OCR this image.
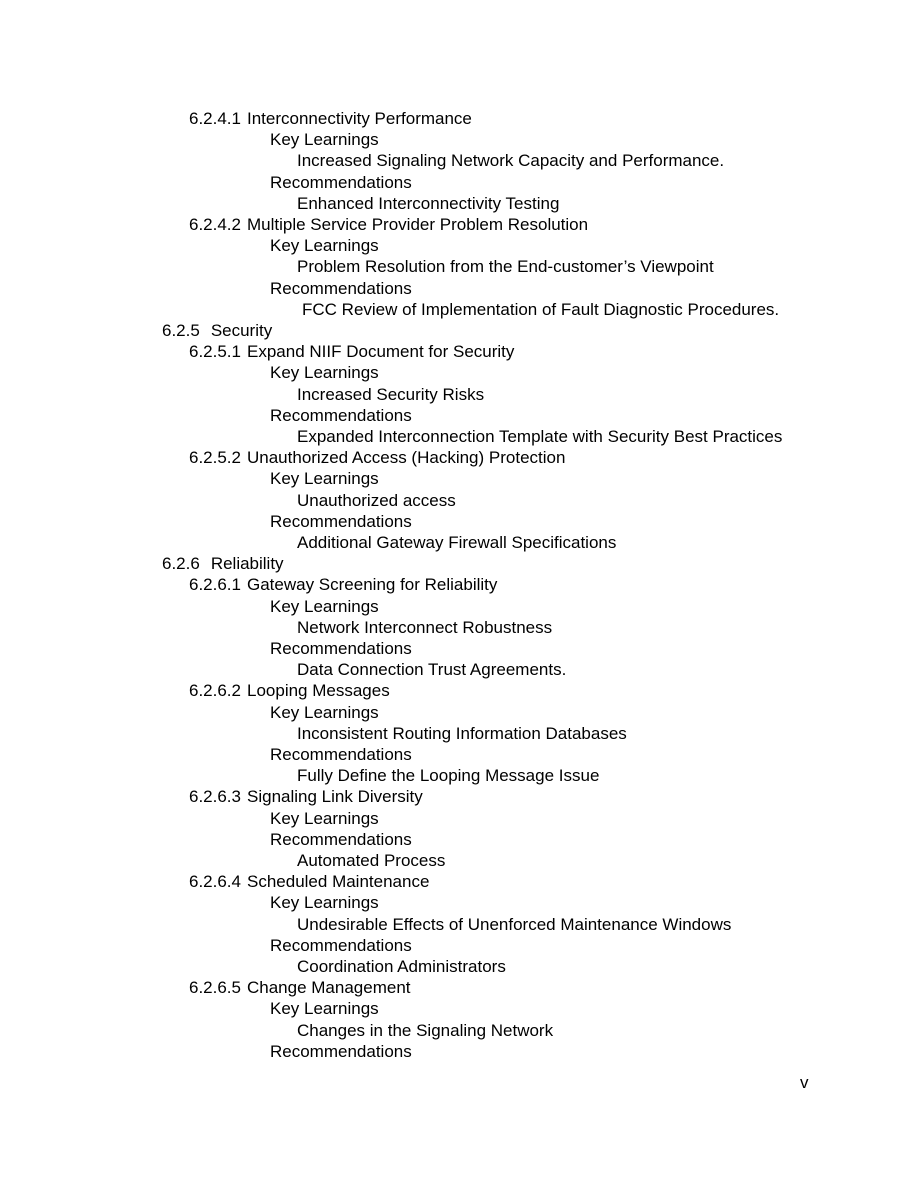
6.2.4.1 Interconnectivity Performance
Key Learnings
Increased Signaling Network Capacity and Performance.
Recommendations
Enhanced Interconnectivity Testing
6.2.4.2 Multiple Service Provider Problem Resolution
Key Learnings
Problem Resolution from the End-customer’s Viewpoint
Recommendations
FCC Review of Implementation of Fault Diagnostic Procedures.
6.2.5 Security
6.2.5.1 Expand NIIF Document for Security
Key Learnings
Increased Security Risks
Recommendations
Expanded Interconnection Template with Security Best Practices
6.2.5.2 Unauthorized Access (Hacking) Protection
Key Learnings
Unauthorized access
Recommendations
Additional Gateway Firewall Specifications
6.2.6 Reliability
6.2.6.1 Gateway Screening for Reliability
Key Learnings
Network Interconnect Robustness
Recommendations
Data Connection Trust Agreements.
6.2.6.2 Looping Messages
Key Learnings
Inconsistent Routing Information Databases
Recommendations
Fully Define the Looping Message Issue
6.2.6.3 Signaling Link Diversity
Key Learnings
Recommendations
Automated Process
6.2.6.4 Scheduled Maintenance
Key Learnings
Undesirable Effects of Unenforced Maintenance Windows
Recommendations
Coordination Administrators
6.2.6.5 Change Management
Key Learnings
Changes in the Signaling Network
Recommendations
v
